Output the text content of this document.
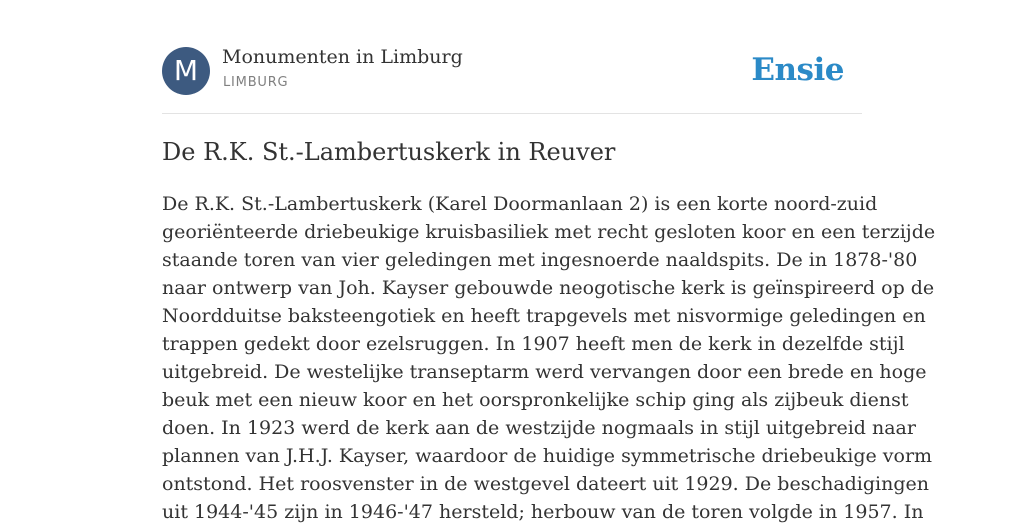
M	Monumenten in Limburg
LIMBURG	Ensie
De R.K. St.-Lambertuskerk in Reuver

De R.K. St.-Lambertuskerk (Karel Doormanlaan 2) is een korte noord-zuid
georiënteerde driebeukige kruisbasiliek met recht gesloten koor en een terzijde
staande toren van vier geledingen met ingesnoerde naaldspits. De in 1878-'80
naar ontwerp van Joh. Kayser gebouwde neogotische kerk is geïnspireerd op de
Noordduitse baksteengotiek en heeft trapgevels met nisvormige geledingen en
trappen gedekt door ezelsruggen. In 1907 heeft men de kerk in dezelfde stijl
uitgebreid. De westelijke transeptarm werd vervangen door een brede en hoge
beuk met een nieuw koor en het oorspronkelijke schip ging als zijbeuk dienst
doen. In 1923 werd de kerk aan de westzijde nogmaals in stijl uitgebreid naar
plannen van J.H.J. Kayser, waardoor de huidige symmetrische driebeukige vorm
ontstond. Het roosvenster in de westgevel dateert uit 1929. De beschadigingen
uit 1944-'45 zijn in 1946-'47 hersteld; herbouw van de toren volgde in 1957. In
